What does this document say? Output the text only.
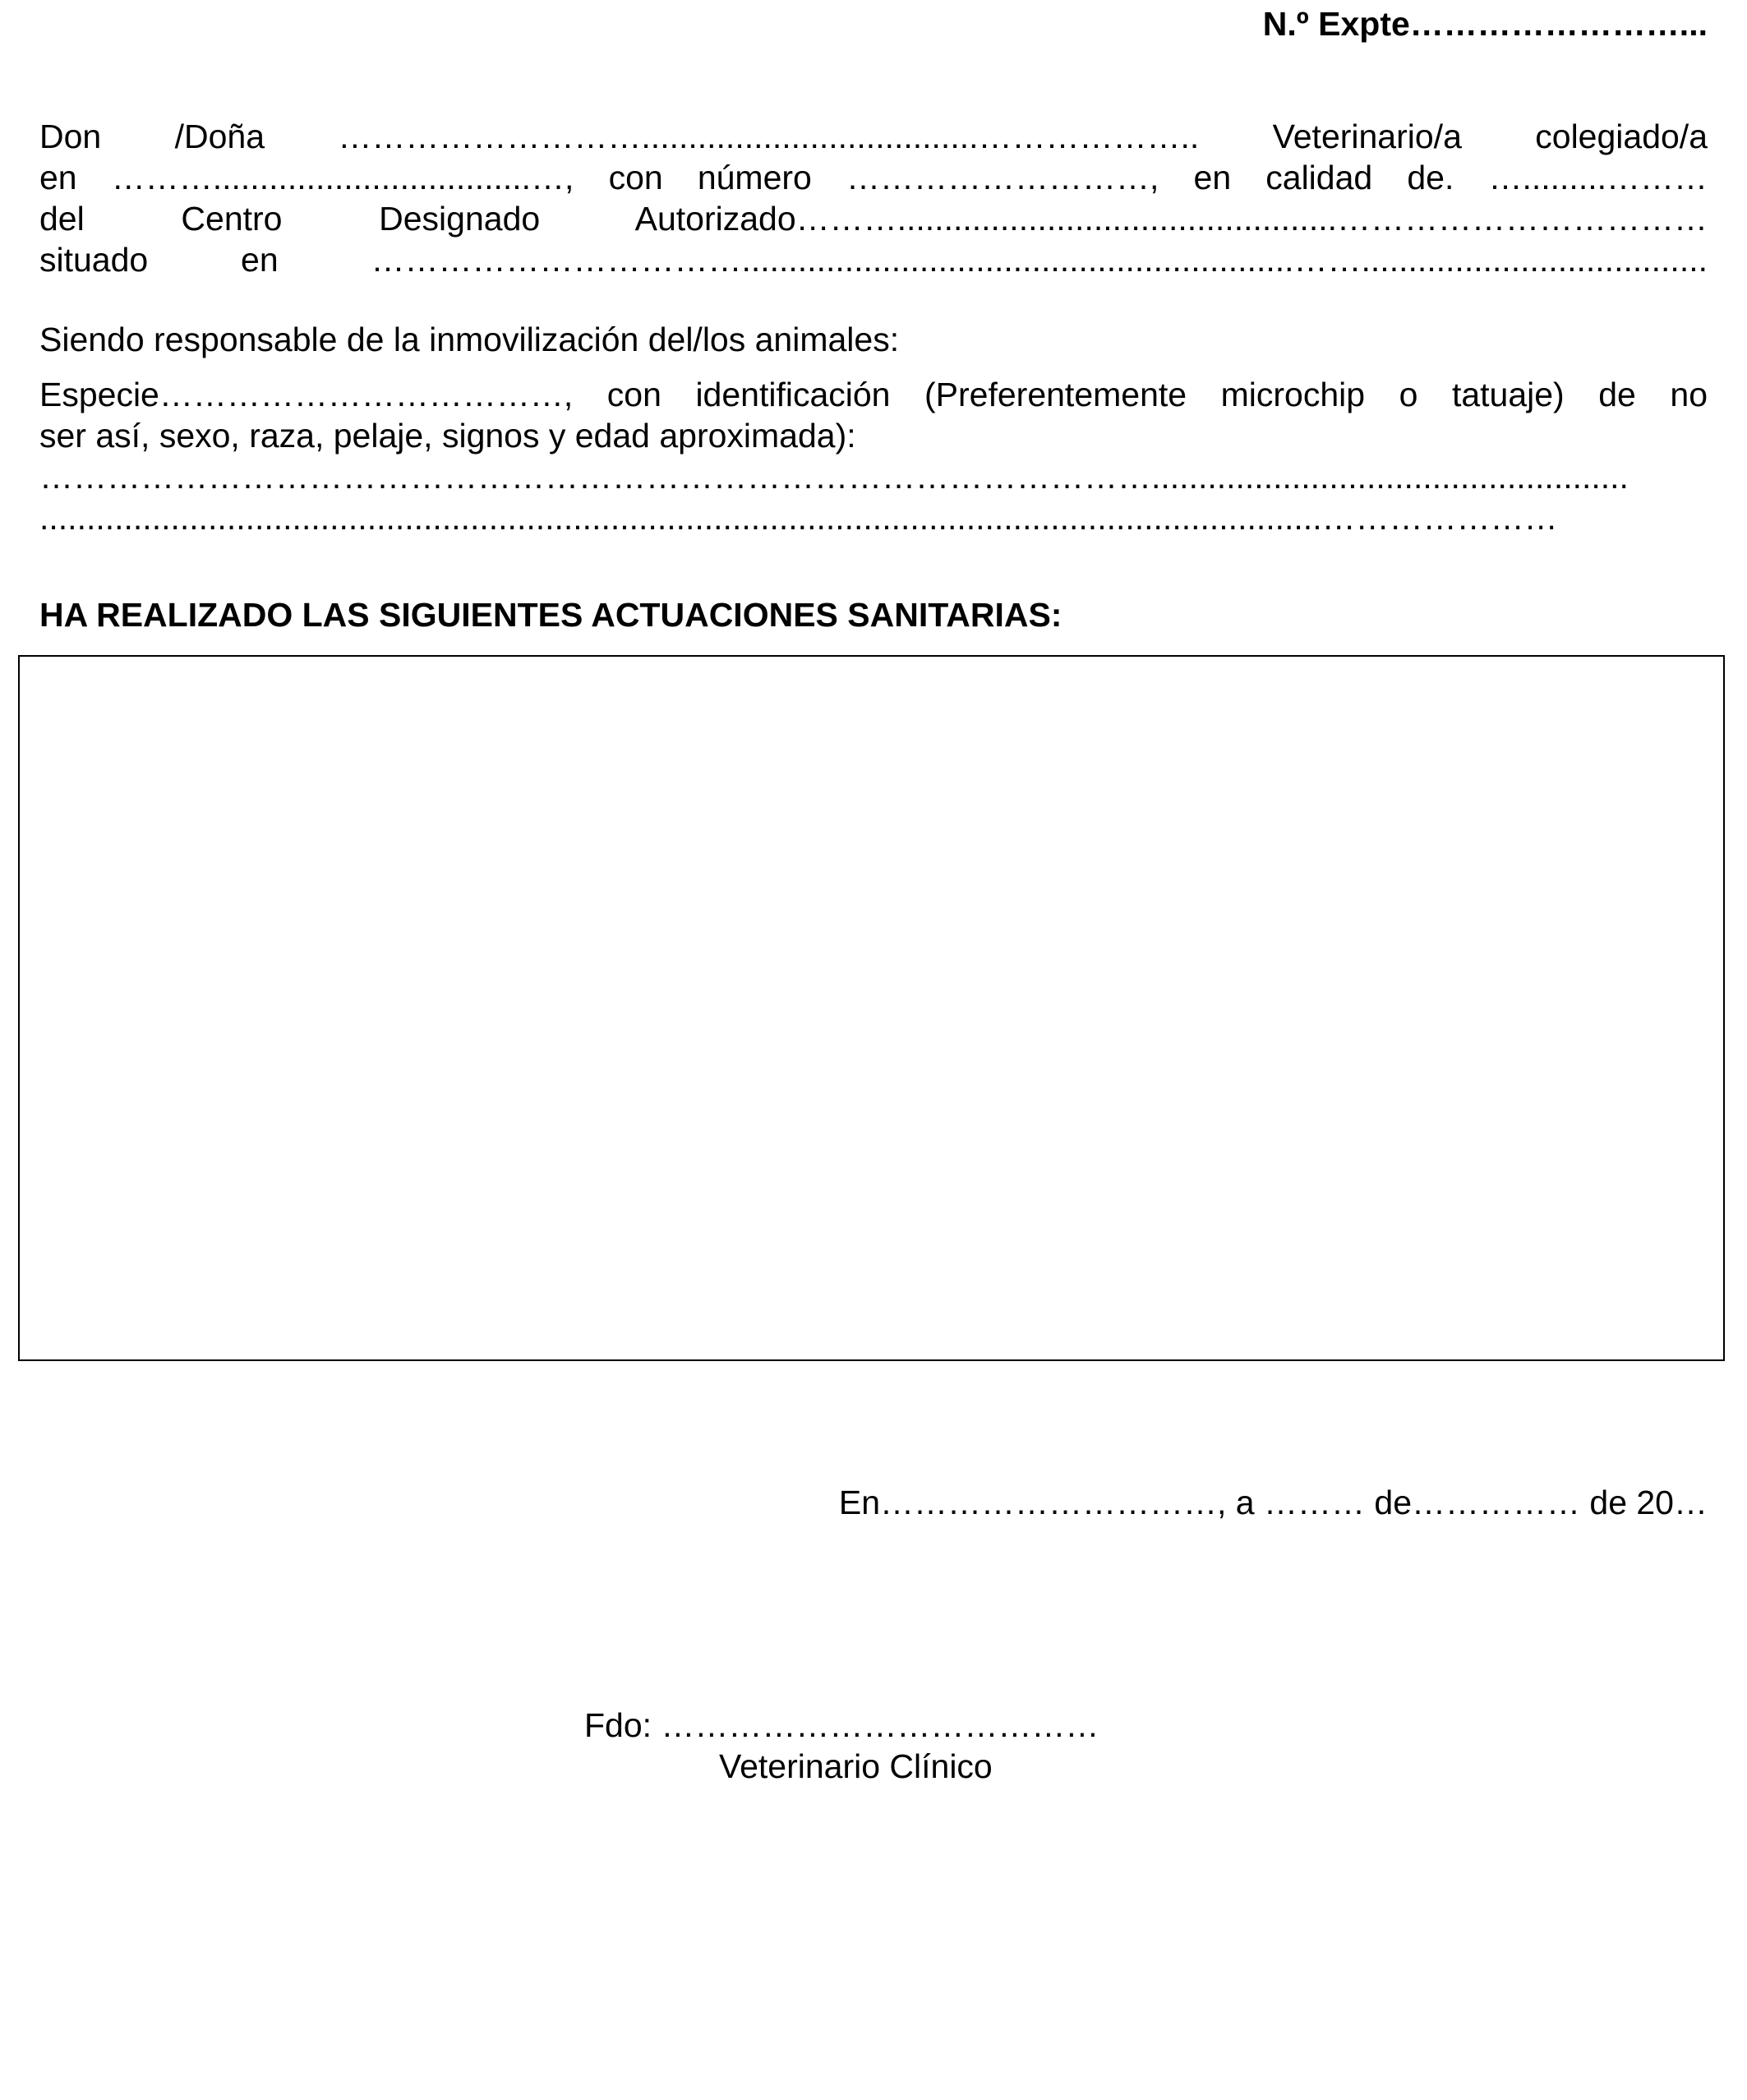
N.º Expte……………………...

Don /Doña ………………………....................................……………….. Veterinario/a colegiado/a

en ………..................................…, con número ………………………, en calidad de. ….........………

del Centro Designado Autorizado………...............................................……………………………

situado en ……………………………...........................................................…….....................................

Siendo responsable de la inmovilización del/los animales:

Especie………………………………, con identificación (Preferentemente microchip o tatuaje) de no

ser así, sexo, raza, pelaje, signos y edad aproximada):

………………………………………………………………………………………...................................................

.........................................................................................................................................…………………

HA REALIZADO LAS SIGUIENTES ACTUACIONES SANITARIAS:

En…………………………, a ……… de…………… de 20…

Fdo: …………………………………

Veterinario Clínico
